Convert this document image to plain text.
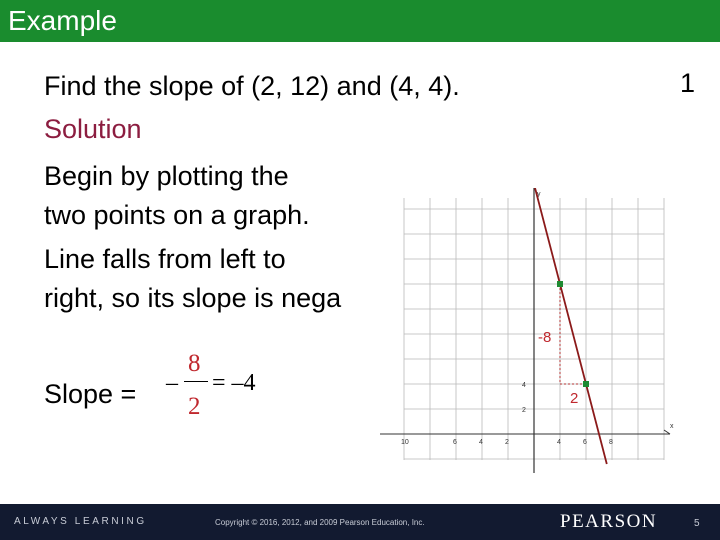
Example
1
Find the slope of (2, 12) and (4, 4).
Solution
Begin by plotting the
two points on a graph.
Line falls from left to
right, so its slope is nega
Slope = –
8
2
= –4
x
y
10	6	4	2	4	6	8
4
2
-8
2
ALWAYS LEARNING	Copyright © 2016, 2012, and 2009 Pearson Education, Inc.	PEARSON	5
